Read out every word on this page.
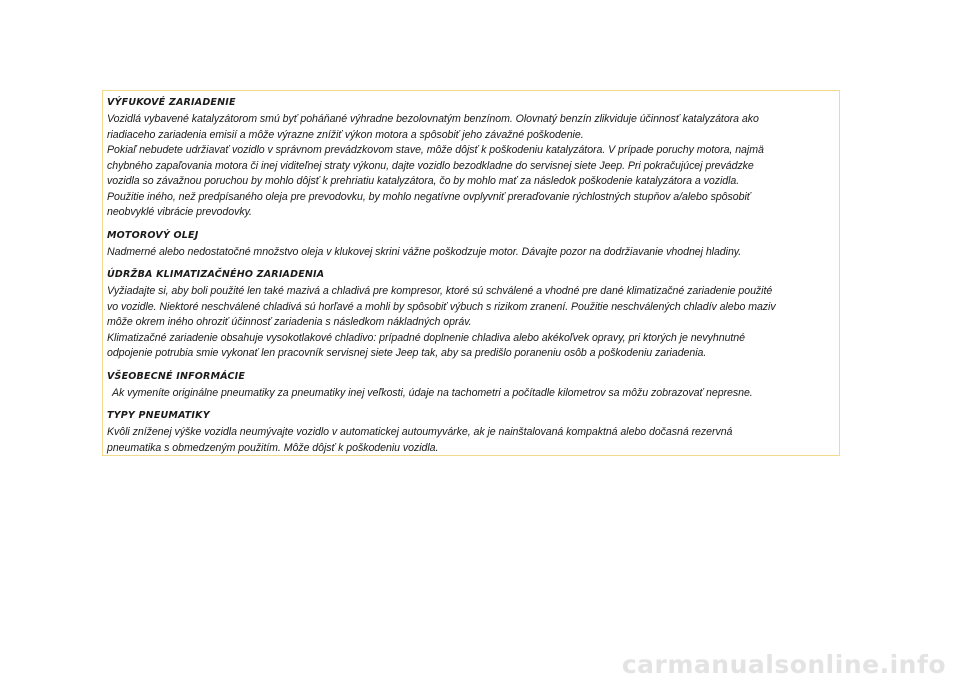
VÝFUKOVÉ ZARIADENIE

Vozidlá vybavené katalyzátorom smú byť poháňané výhradne bezolovnatým benzínom. Olovnatý benzín zlikviduje účinnosť katalyzátora ako

riadiaceho zariadenia emisií a môže výrazne znížiť výkon motora a spôsobiť jeho závažné poškodenie.

Pokiaľ nebudete udržiavať vozidlo v správnom prevádzkovom stave, môže dôjsť k poškodeniu katalyzátora. V prípade poruchy motora, najmä

chybného zapaľovania motora či inej viditeľnej straty výkonu, dajte vozidlo bezodkladne do servisnej siete Jeep. Pri pokračujúcej prevádzke

vozidla so závažnou poruchou by mohlo dôjsť k prehriatiu katalyzátora, čo by mohlo mať za následok poškodenie katalyzátora a vozidla.

Použitie iného, než predpísaného oleja pre prevodovku, by mohlo negatívne ovplyvniť preraďovanie rýchlostných stupňov a/alebo spôsobiť

neobvyklé vibrácie prevodovky.

MOTOROVÝ OLEJ

Nadmerné alebo nedostatočné množstvo oleja v klukovej skrini vážne poškodzuje motor. Dávajte pozor na dodržiavanie vhodnej hladiny.

ÚDRŽBA KLIMATIZAČNÉHO ZARIADENIA

Vyžiadajte si, aby boli použité len také mazivá a chladivá pre kompresor, ktoré sú schválené a vhodné pre dané klimatizačné zariadenie použité

vo vozidle. Niektoré neschválené chladivá sú horľavé a mohli by spôsobiť výbuch s rizikom zranení. Použitie neschválených chladív alebo maziv

môže okrem iného ohroziť účinnosť zariadenia s následkom nákladných opráv.

Klimatizačné zariadenie obsahuje vysokotlakové chladivo: prípadné doplnenie chladiva alebo akékoľvek opravy, pri ktorých je nevyhnutné

odpojenie potrubia smie vykonať len pracovník servisnej siete Jeep tak, aby sa predišlo poraneniu osôb a poškodeniu zariadenia.

VŠEOBECNÉ INFORMÁCIE

Ak vymeníte originálne pneumatiky za pneumatiky inej veľkosti, údaje na tachometri a počítadle kilometrov sa môžu zobrazovať nepresne.

TYPY PNEUMATIKY

Kvôli zníženej výške vozidla neumývajte vozidlo v automatickej autoumyvárke, ak je nainštalovaná kompaktná alebo dočasná rezervná

pneumatika s obmedzeným použitím. Môže dôjsť k poškodeniu vozidla.

carmanualsonline.info
